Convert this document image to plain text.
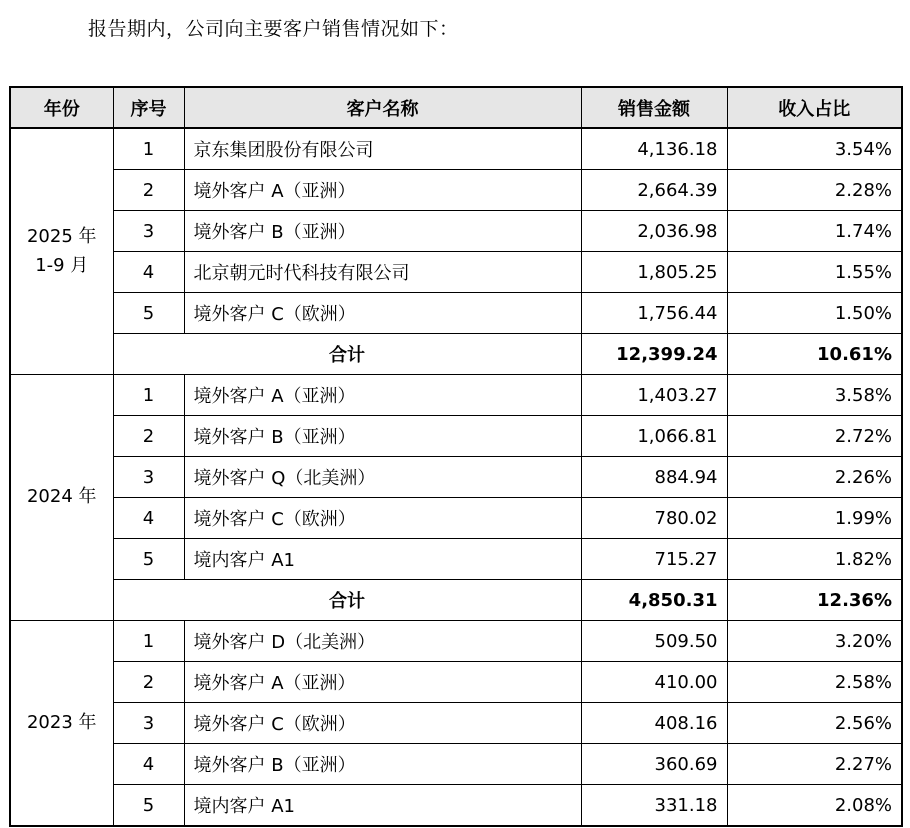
报告期内，公司向主要客户销售情况如下：
年份	序号	客户名称	销售金额	收入占比

2025 年
1-9 月	1	京东集团股份有限公司	4,136.18	3.54%
	2	境外客户 A（亚洲）	2,664.39	2.28%
	3	境外客户 B（亚洲）	2,036.98	1.74%
	4	北京朝元时代科技有限公司	1,805.25	1.55%
	5	境外客户 C（欧洲）	1,756.44	1.50%
	合计		12,399.24	10.61%

2024 年	1	境外客户 A（亚洲）	1,403.27	3.58%
	2	境外客户 B（亚洲）	1,066.81	2.72%
	3	境外客户 Q（北美洲）	884.94	2.26%
	4	境外客户 C（欧洲）	780.02	1.99%
	5	境内客户 A1	715.27	1.82%
	合计		4,850.31	12.36%

2023 年	1	境外客户 D（北美洲）	509.50	3.20%
	2	境外客户 A（亚洲）	410.00	2.58%
	3	境外客户 C（欧洲）	408.16	2.56%
	4	境外客户 B（亚洲）	360.69	2.27%
	5	境内客户 A1	331.18	2.08%
